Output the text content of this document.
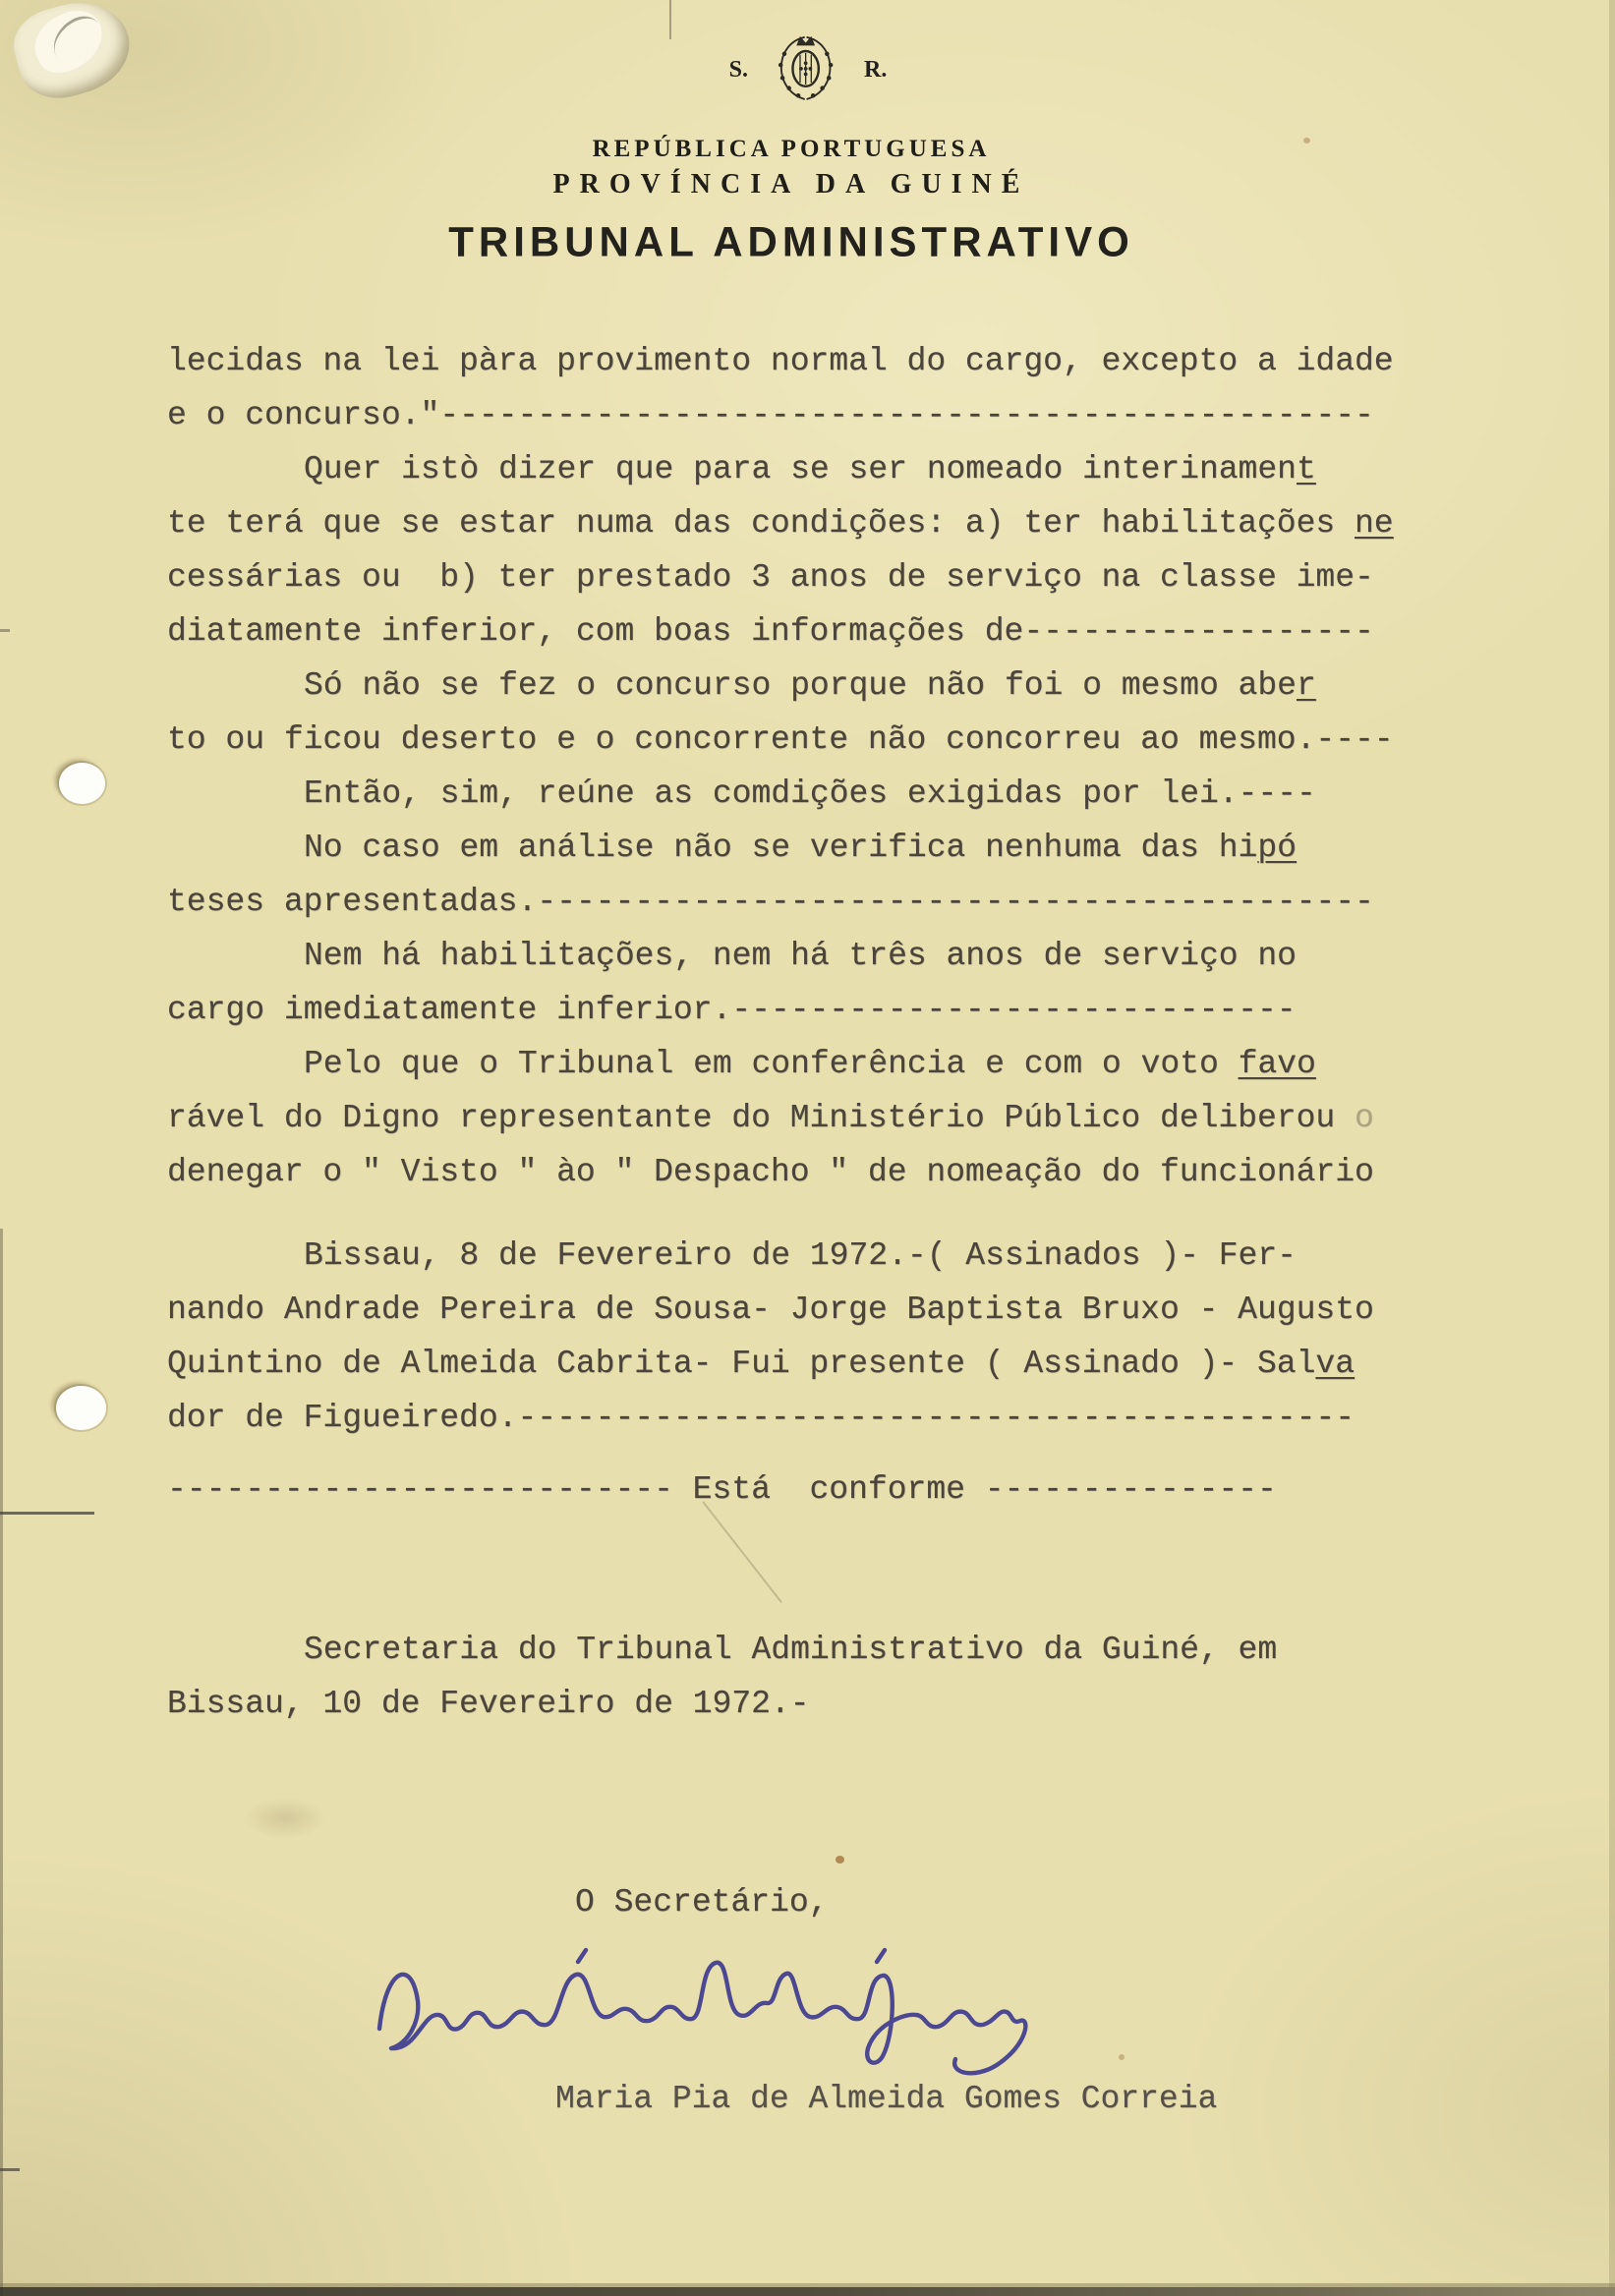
S.	R.
REPÚBLICA PORTUGUESA
PROVÍNCIA DA GUINÉ
TRIBUNAL ADMINISTRATIVO
lecidas na lei pàra provimento normal do cargo, excepto a idade
e o concurso."------------------------------------------------
Quer istò dizer que para se ser nomeado interinament
te terá que se estar numa das condições: a) ter habilitações ne
cessárias ou  b) ter prestado 3 anos de serviço na classe ime-
diatamente inferior, com boas informações de------------------
Só não se fez o concurso porque não foi o mesmo aber
to ou ficou deserto e o concorrente não concorreu ao mesmo.----
Então, sim, reúne as comdições exigidas por lei.----
No caso em análise não se verifica nenhuma das hipó
teses apresentadas.-------------------------------------------
Nem há habilitações, nem há três anos de serviço no
cargo imediatamente inferior.-----------------------------
Pelo que o Tribunal em conferência e com o voto favo
rável do Digno representante do Ministério Público deliberou o
denegar o " Visto " ào " Despacho " de nomeação do funcionário
Bissau, 8 de Fevereiro de 1972.-( Assinados )- Fer-
nando Andrade Pereira de Sousa- Jorge Baptista Bruxo - Augusto
Quintino de Almeida Cabrita- Fui presente ( Assinado )- Salva
dor de Figueiredo.-------------------------------------------
-------------------------- Está  conforme ---------------
Secretaria do Tribunal Administrativo da Guiné, em
Bissau, 10 de Fevereiro de 1972.-
O Secretário,
Maria Pia de Almeida Gomes Correia
